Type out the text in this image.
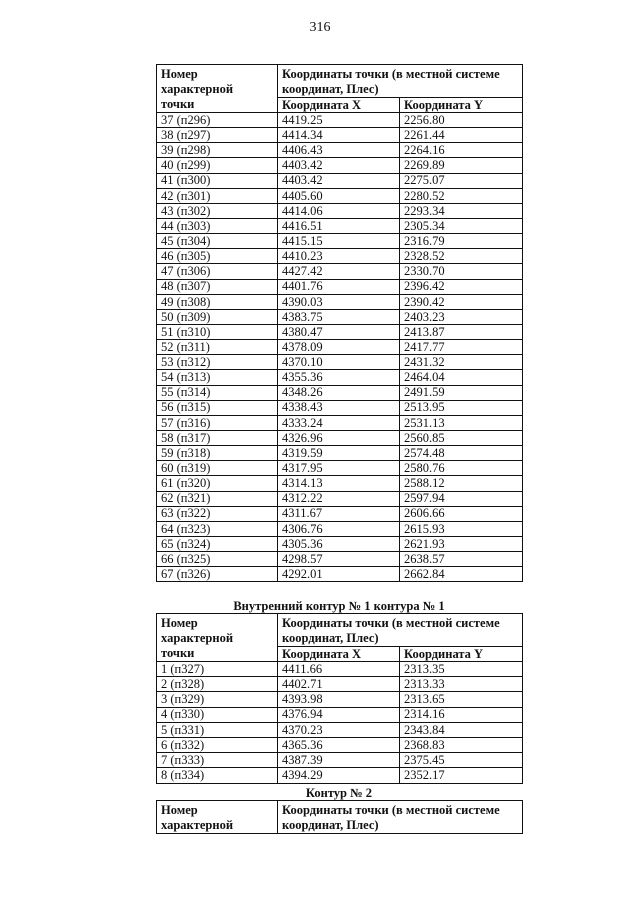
316
Номер
характерной
точки	Координаты точки (в местной системе координат, Плес)	
	Координата X	Координата Y
37 (п296)	4419.25	2256.80
38 (п297)	4414.34	2261.44
39 (п298)	4406.43	2264.16
40 (п299)	4403.42	2269.89
41 (п300)	4403.42	2275.07
42 (п301)	4405.60	2280.52
43 (п302)	4414.06	2293.34
44 (п303)	4416.51	2305.34
45 (п304)	4415.15	2316.79
46 (п305)	4410.23	2328.52
47 (п306)	4427.42	2330.70
48 (п307)	4401.76	2396.42
49 (п308)	4390.03	2390.42
50 (п309)	4383.75	2403.23
51 (п310)	4380.47	2413.87
52 (п311)	4378.09	2417.77
53 (п312)	4370.10	2431.32
54 (п313)	4355.36	2464.04
55 (п314)	4348.26	2491.59
56 (п315)	4338.43	2513.95
57 (п316)	4333.24	2531.13
58 (п317)	4326.96	2560.85
59 (п318)	4319.59	2574.48
60 (п319)	4317.95	2580.76
61 (п320)	4314.13	2588.12
62 (п321)	4312.22	2597.94
63 (п322)	4311.67	2606.66
64 (п323)	4306.76	2615.93
65 (п324)	4305.36	2621.93
66 (п325)	4298.57	2638.57
67 (п326)	4292.01	2662.84
Внутренний контур № 1 контура № 1
Номер
характерной
точки	Координаты точки (в местной системе координат, Плес)	
	Координата X	Координата Y
1 (п327)	4411.66	2313.35
2 (п328)	4402.71	2313.33
3 (п329)	4393.98	2313.65
4 (п330)	4376.94	2314.16
5 (п331)	4370.23	2343.84
6 (п332)	4365.36	2368.83
7 (п333)	4387.39	2375.45
8 (п334)	4394.29	2352.17
Контур № 2
Номер
характерной	Координаты точки (в местной системе координат, Плес)
